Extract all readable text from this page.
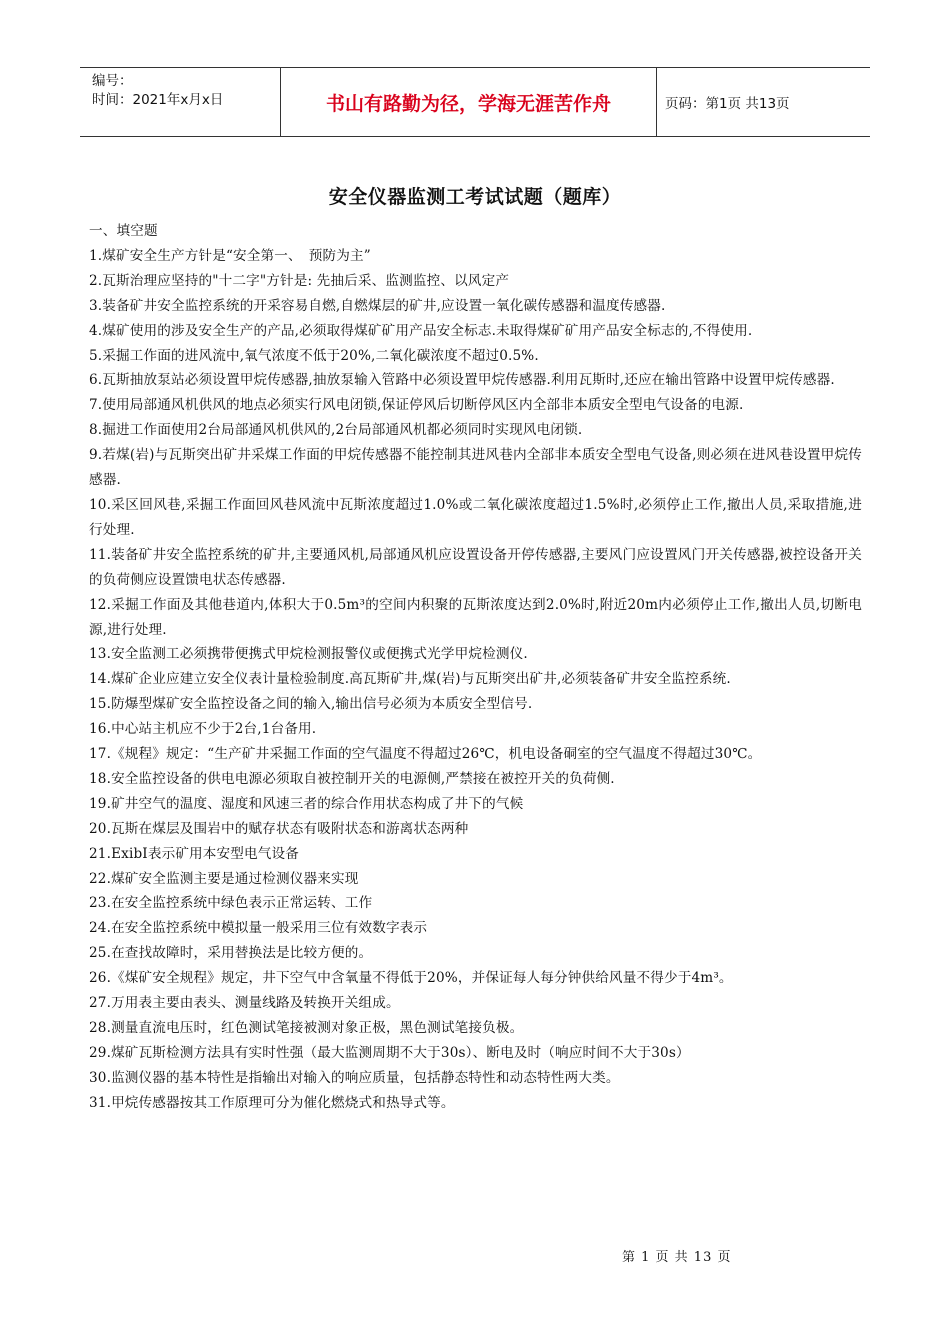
编号：
时间：2021年x月x日	书山有路勤为径，学海无涯苦作舟	页码：第1页 共13页
安全仪器监测工考试试题（题库）

一、填空题

1.煤矿安全生产方针是“安全第一、　预防为主”

2.瓦斯治理应坚持的"十二字"方针是: 先抽后采、监测监控、以风定产

3.装备矿井安全监控系统的开采容易自燃,自燃煤层的矿井,应设置一氧化碳传感器和温度传感器.

4.煤矿使用的涉及安全生产的产品,必须取得煤矿矿用产品安全标志.未取得煤矿矿用产品安全标志的,不得使用.

5.采掘工作面的进风流中,氧气浓度不低于20%,二氧化碳浓度不超过0.5%.

6.瓦斯抽放泵站必须设置甲烷传感器,抽放泵输入管路中必须设置甲烷传感器.利用瓦斯时,还应在输出管路中设置甲烷传感器.

7.使用局部通风机供风的地点必须实行风电闭锁,保证停风后切断停风区内全部非本质安全型电气设备的电源.

8.掘进工作面使用2台局部通风机供风的,2台局部通风机都必须同时实现风电闭锁.

9.若煤(岩)与瓦斯突出矿井采煤工作面的甲烷传感器不能控制其进风巷内全部非本质安全型电气设备,则必须在进风巷设置甲烷传感器.

10.采区回风巷,采掘工作面回风巷风流中瓦斯浓度超过1.0%或二氧化碳浓度超过1.5%时,必须停止工作,撤出人员,采取措施,进行处理.

11.装备矿井安全监控系统的矿井,主要通风机,局部通风机应设置设备开停传感器,主要风门应设置风门开关传感器,被控设备开关的负荷侧应设置馈电状态传感器.

12.采掘工作面及其他巷道内,体积大于0.5m³的空间内积聚的瓦斯浓度达到2.0%时,附近20m内必须停止工作,撤出人员,切断电源,进行处理.

13.安全监测工必须携带便携式甲烷检测报警仪或便携式光学甲烷检测仪.

14.煤矿企业应建立安全仪表计量检验制度.高瓦斯矿井,煤(岩)与瓦斯突出矿井,必须装备矿井安全监控系统.

15.防爆型煤矿安全监控设备之间的输入,输出信号必须为本质安全型信号.

16.中心站主机应不少于2台,1台备用.

17.《规程》规定：“生产矿井采掘工作面的空气温度不得超过26℃，机电设备硐室的空气温度不得超过30℃。

18.安全监控设备的供电电源必须取自被控制开关的电源侧,严禁接在被控开关的负荷侧.

19.矿井空气的温度、湿度和风速三者的综合作用状态构成了井下的气候

20.瓦斯在煤层及围岩中的赋存状态有吸附状态和游离状态两种

21.ExibI表示矿用本安型电气设备

22.煤矿安全监测主要是通过检测仪器来实现

23.在安全监控系统中绿色表示正常运转、工作

24.在安全监控系统中模拟量一般采用三位有效数字表示

25.在查找故障时，采用替换法是比较方便的。

26.《煤矿安全规程》规定，井下空气中含氧量不得低于20%，并保证每人每分钟供给风量不得少于4m³。

27.万用表主要由表头、测量线路及转换开关组成。

28.测量直流电压时，红色测试笔接被测对象正极，黑色测试笔接负极。

29.煤矿瓦斯检测方法具有实时性强（最大监测周期不大于30s）、断电及时（响应时间不大于30s）

30.监测仪器的基本特性是指输出对输入的响应质量，包括静态特性和动态特性两大类。

31.甲烷传感器按其工作原理可分为催化燃烧式和热导式等。

第 1 页 共 13 页
